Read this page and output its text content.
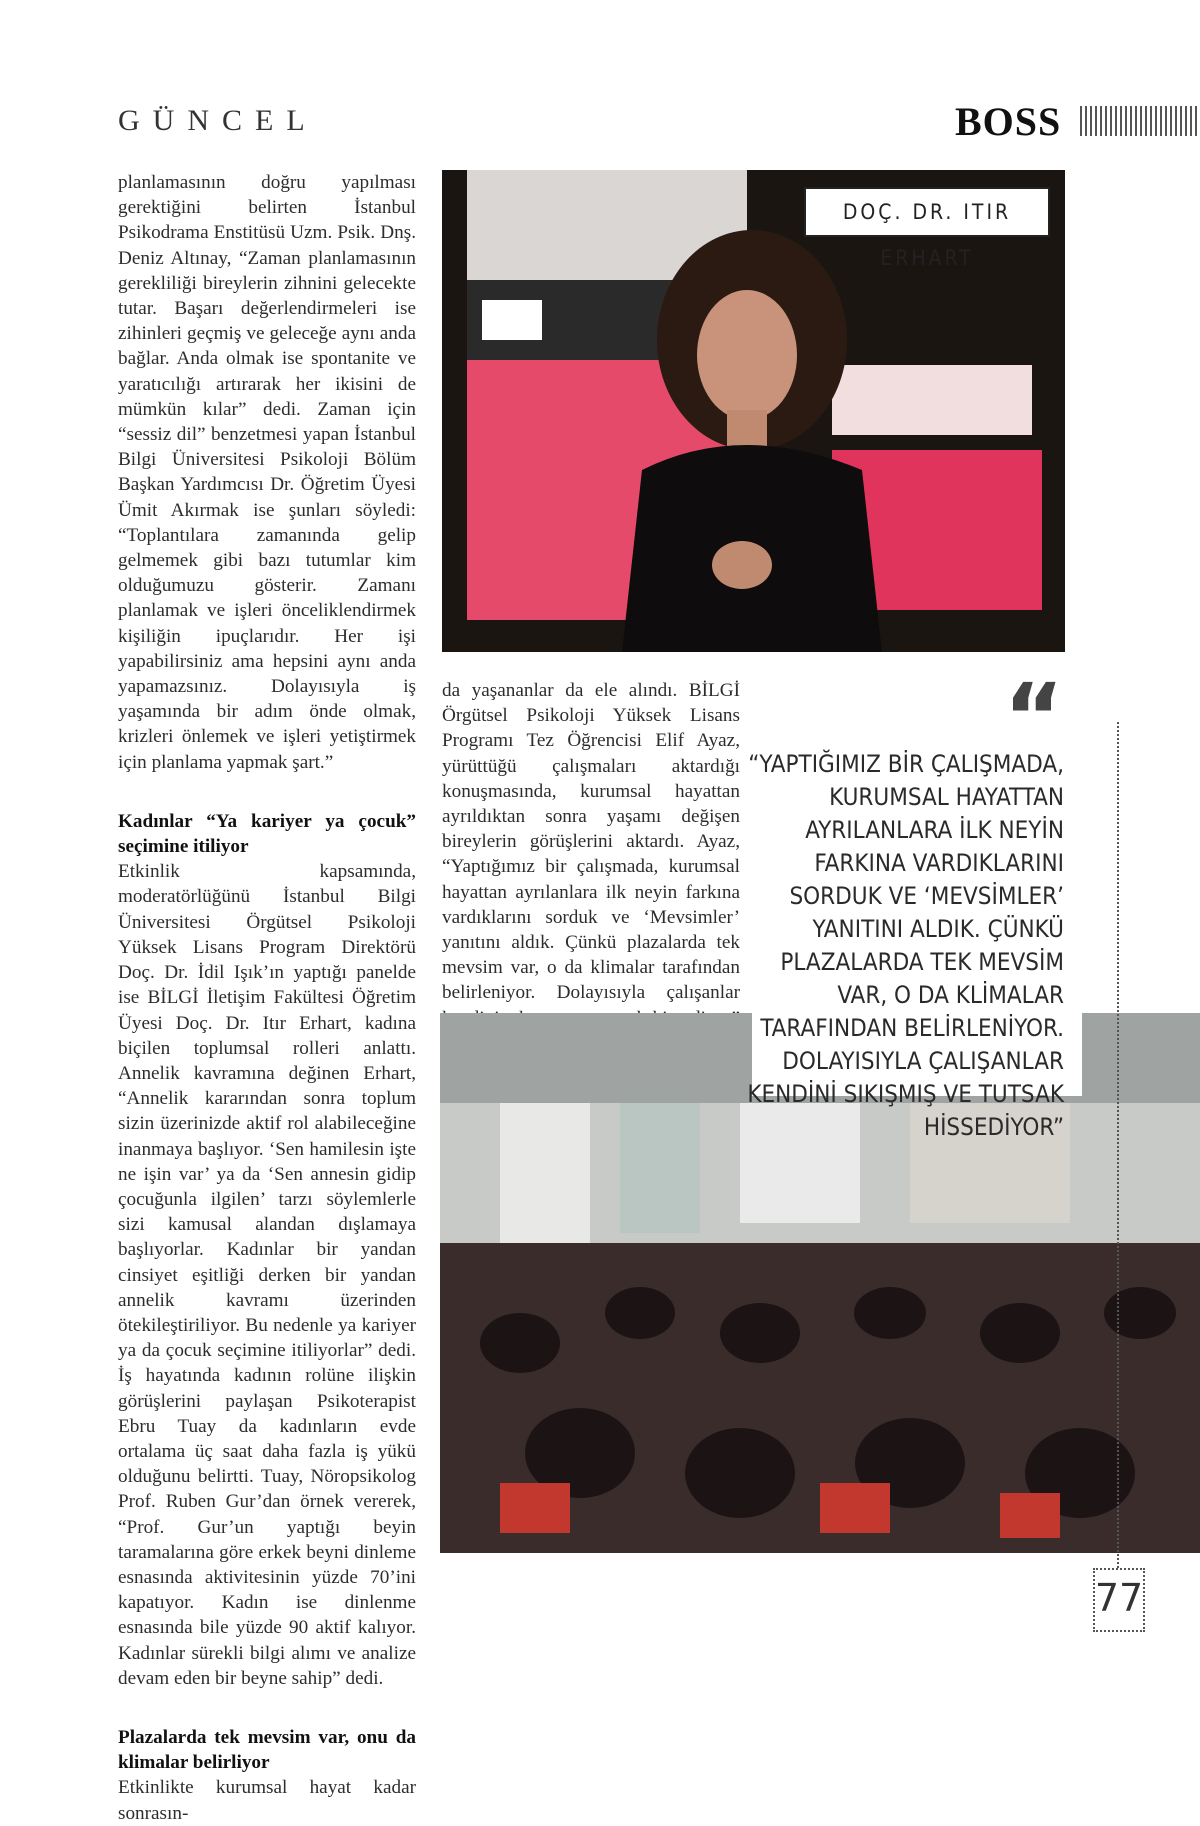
GÜNCEL	BOSS

planlamasının doğru yapılması gerektiğini belirten İstanbul Psikodrama Enstitüsü Uzm. Psik. Dnş. Deniz Altınay, “Zaman planlamasının gerekliliği bireylerin zihnini gelecekte tutar. Başarı değerlendirmeleri ise zihinleri geçmiş ve geleceğe aynı anda bağlar. Anda olmak ise spontanite ve yaratıcılığı artırarak her ikisini de mümkün kılar” dedi. Zaman için “sessiz dil” benzetmesi yapan İstanbul Bilgi Üniversitesi Psikoloji Bölüm Başkan Yardımcısı Dr. Öğretim Üyesi Ümit Akırmak ise şunları söyledi: “Toplantılara zamanında gelip gelmemek gibi bazı tutumlar kim olduğumuzu gösterir. Zamanı planlamak ve işleri önceliklendirmek kişiliğin ipuçlarıdır. Her işi yapabilirsiniz ama hepsini aynı anda yapamazsınız. Dolayısıyla iş yaşamında bir adım önde olmak, krizleri önlemek ve işleri yetiştirmek için planlama yapmak şart.”

Kadınlar “Ya kariyer ya çocuk” seçimine itiliyor

Etkinlik kapsamında, moderatörlüğünü İstanbul Bilgi Üniversitesi Örgütsel Psikoloji Yüksek Lisans Program Direktörü Doç. Dr. İdil Işık’ın yaptığı panelde ise BİLGİ İletişim Fakültesi Öğretim Üyesi Doç. Dr. Itır Erhart, kadına biçilen toplumsal rolleri anlattı. Annelik kavramına değinen Erhart, “Annelik kararından sonra toplum sizin üzerinizde aktif rol alabileceğine inanmaya başlıyor. ‘Sen hamilesin işte ne işin var’ ya da ‘Sen annesin gidip çocuğunla ilgilen’ tarzı söylemlerle sizi kamusal alandan dışlamaya başlıyorlar. Kadınlar bir yandan cinsiyet eşitliği derken bir yandan annelik kavramı üzerinden ötekileştiriliyor. Bu nedenle ya kariyer ya da çocuk seçimine itiliyorlar” dedi. İş hayatında kadının rolüne ilişkin görüşlerini paylaşan Psikoterapist Ebru Tuay da kadınların evde ortalama üç saat daha fazla iş yükü olduğunu belirtti. Tuay, Nöropsikolog Prof. Ruben Gur’dan örnek vererek, “Prof. Gur’un yaptığı beyin taramalarına göre erkek beyni dinleme esnasında aktivitesinin yüzde 70’ini kapatıyor. Kadın ise dinlenme esnasında bile yüzde 90 aktif kalıyor. Kadınlar sürekli bilgi alımı ve analize devam eden bir beyne sahip” dedi.

Plazalarda tek mevsim var, onu da klimalar belirliyor

Etkinlikte kurumsal hayat kadar sonrasın-

DOÇ. DR. ITIR ERHART

da yaşananlar da ele alındı. BİLGİ Örgütsel Psikoloji Yüksek Lisans Programı Tez Öğrencisi Elif Ayaz, yürüttüğü çalışmaları aktardığı konuşmasında, kurumsal hayattan ayrıldıktan sonra yaşamı değişen bireylerin görüşlerini aktardı. Ayaz, “Yaptığımız bir çalışmada, kurumsal hayattan ayrılanlara ilk neyin farkına vardıklarını sorduk ve ‘Mevsimler’ yanıtını aldık. Çünkü plazalarda tek mevsim var, o da klimalar tarafından belirleniyor. Dolayısıyla çalışanlar

“
“YAPTIĞIMIZ BİR ÇALIŞMADA, KURUMSAL HAYATTAN AYRILANLARA İLK NEYİN FARKINA VARDIKLARINI SORDUK VE ‘MEVSİMLER’ YANITINI ALDIK. ÇÜNKÜ PLAZALARDA TEK MEVSİM VAR, O DA KLİMALAR TARAFINDAN BELİRLENİYOR. DOLAYISIYLA ÇALIŞANLAR KENDİNİ SIKIŞMIŞ VE TUTSAK HİSSEDİYOR”
77
